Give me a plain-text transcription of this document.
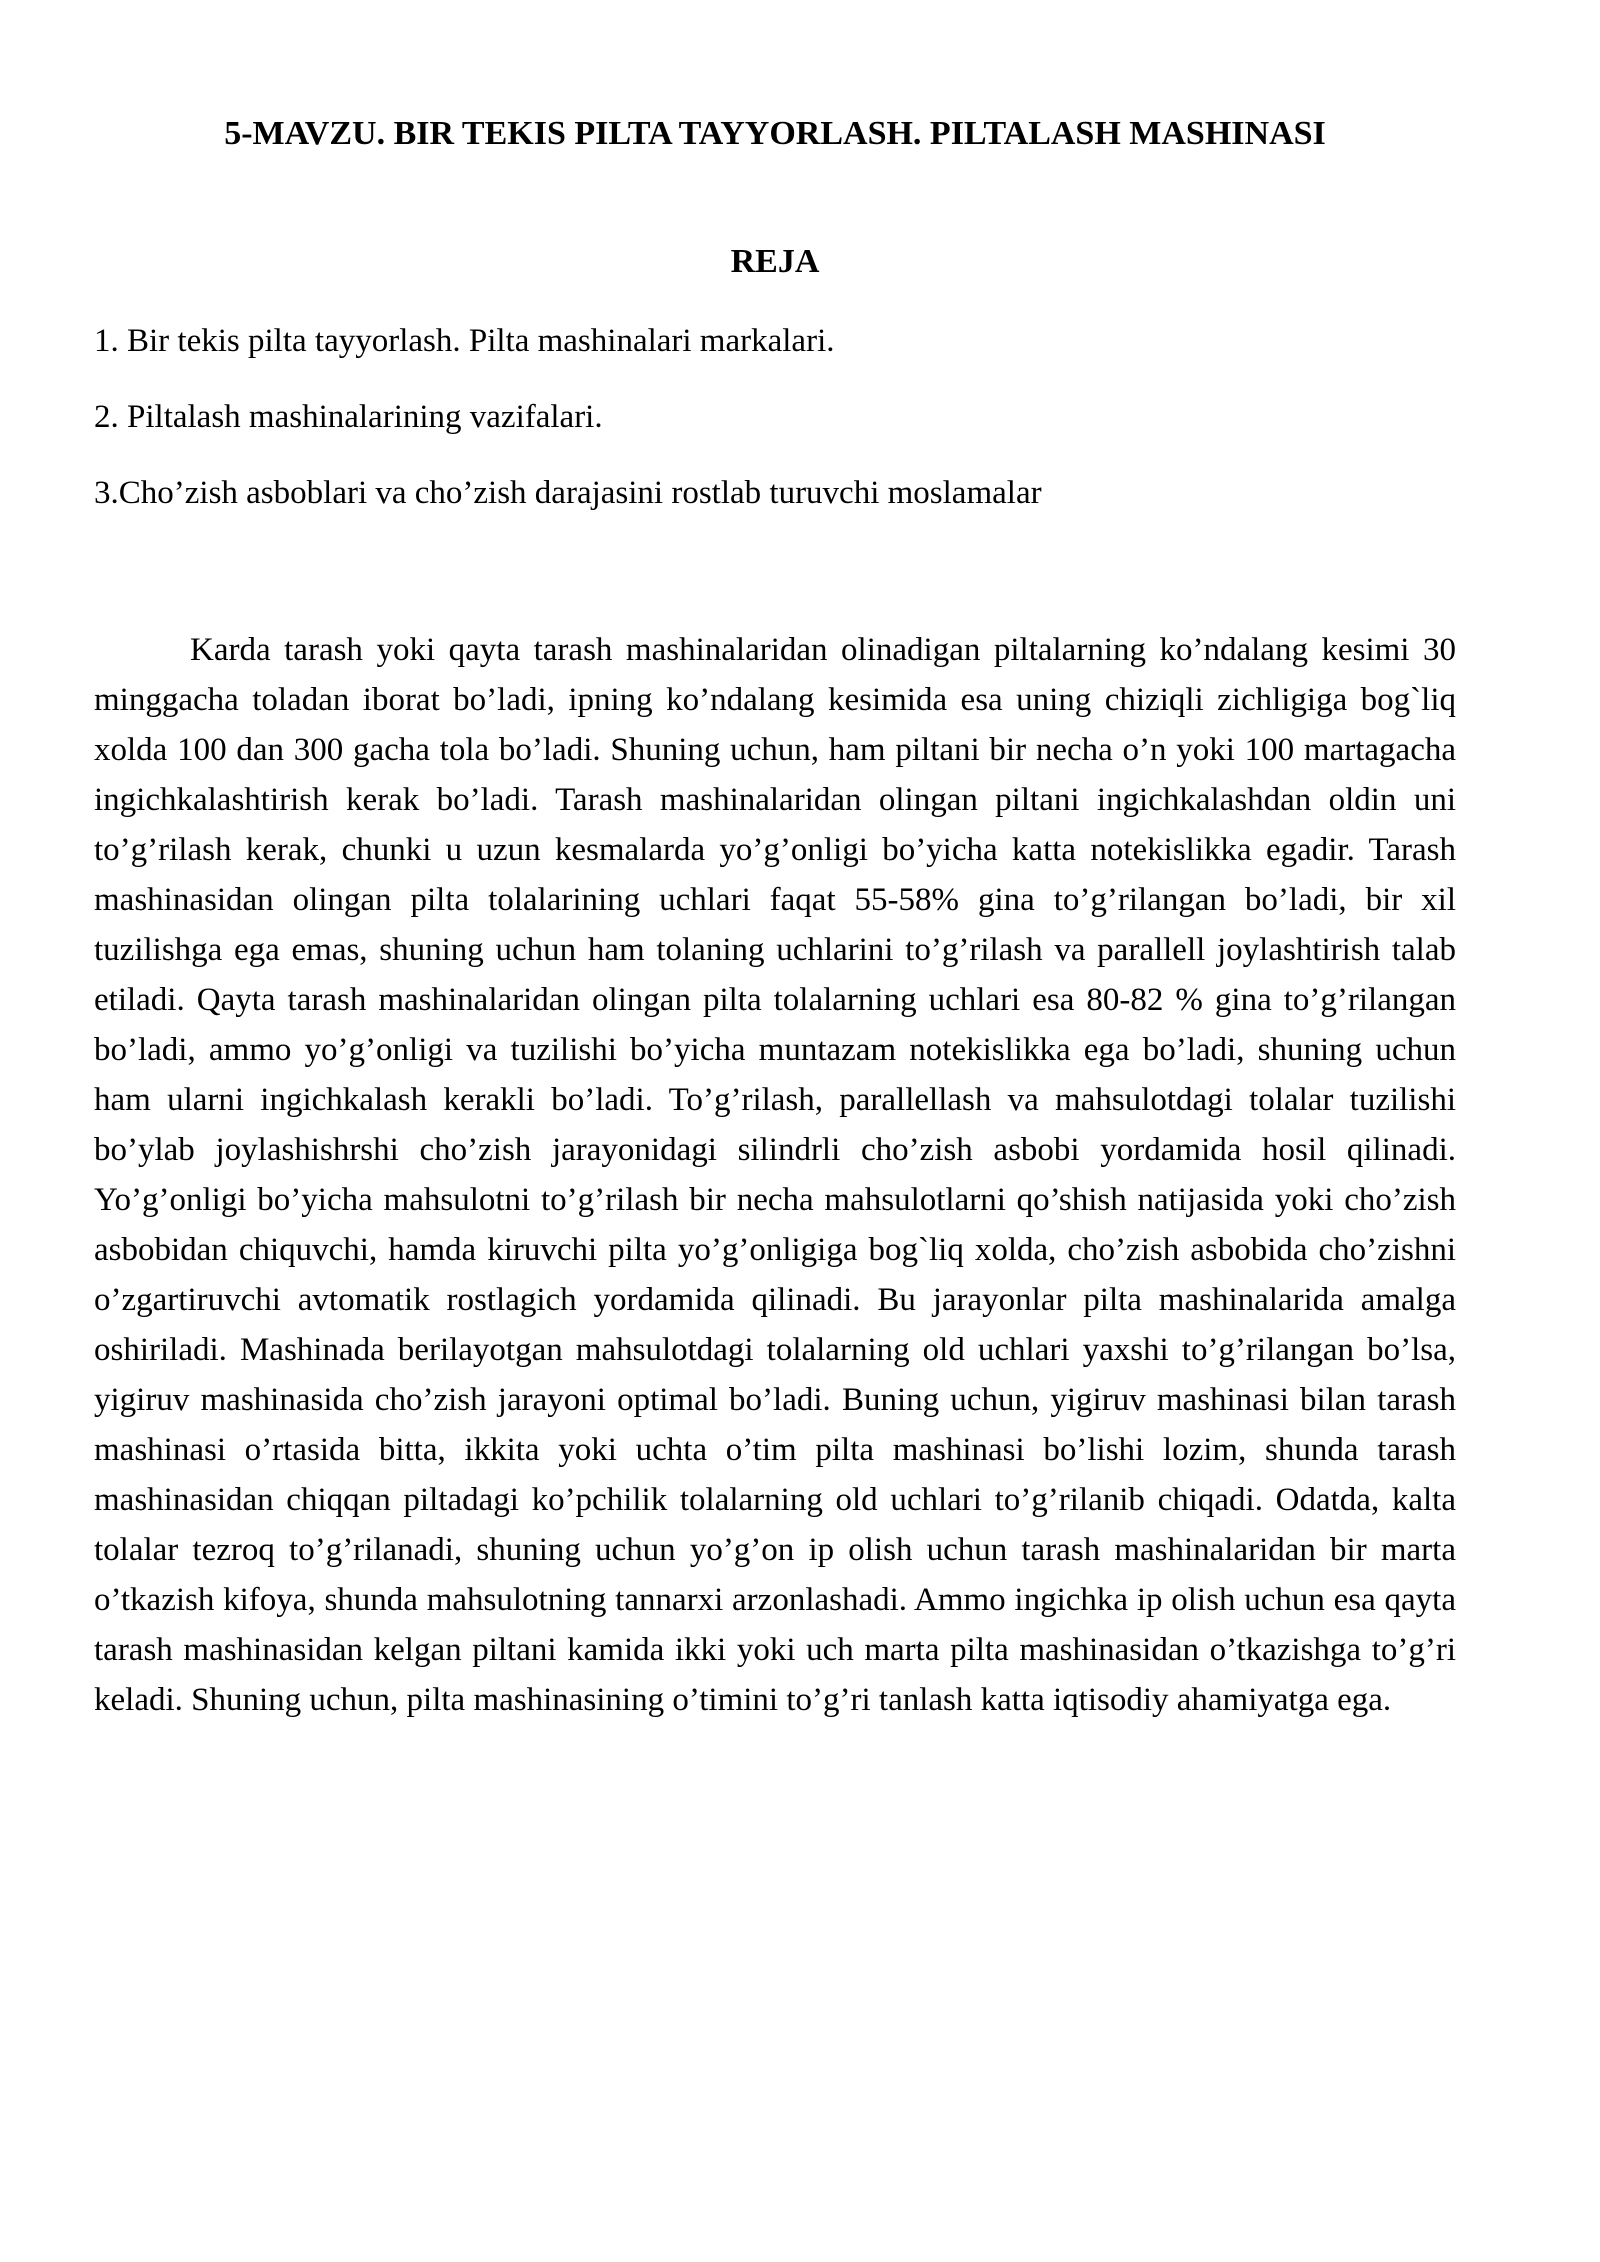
5-MAVZU. BIR TEKIS PILTA TAYYORLASH. PILTALASH MASHINASI
REJA
1. Bir tekis pilta tayyorlash. Pilta mashinalari markalari.
2. Piltalash mashinalarining vazifalari.
3.Cho’zish asboblari va cho’zish darajasini rostlab turuvchi moslamalar

Karda tarash yoki qayta tarash mashinalaridan olinadigan piltalarning ko’ndalang kesimi 30 minggacha toladan iborat bo’ladi, ipning ko’ndalang kesimida esa uning chiziqli zichligiga bog`liq xolda 100 dan 300 gacha tola bo’ladi. Shuning uchun, ham piltani bir necha o’n yoki 100 martagacha ingichkalashtirish kerak bo’ladi. Tarash mashinalaridan olingan piltani ingichkalashdan oldin uni to’g’rilash kerak, chunki u uzun kesmalarda yo’g’onligi bo’yicha katta notekislikka egadir. Tarash mashinasidan olingan pilta tolalarining uchlari faqat 55-58% gina to’g’rilangan bo’ladi, bir xil tuzilishga ega emas, shuning uchun ham tolaning uchlarini to’g’rilash va parallell joylashtirish talab etiladi. Qayta tarash mashinalaridan olingan pilta tolalarning uchlari esa 80-82 % gina to’g’rilangan bo’ladi, ammo yo’g’onligi va tuzilishi bo’yicha muntazam notekislikka ega bo’ladi, shuning uchun ham ularni ingichkalash kerakli bo’ladi. To’g’rilash, parallellash va mahsulotdagi tolalar tuzilishi bo’ylab joylashishrshi cho’zish jarayonidagi silindrli cho’zish asbobi yordamida hosil qilinadi. Yo’g’onligi bo’yicha mahsulotni to’g’rilash bir necha mahsulotlarni qo’shish natijasida yoki cho’zish asbobidan chiquvchi, hamda kiruvchi pilta yo’g’onligiga bog`liq xolda, cho’zish asbobida cho’zishni o’zgartiruvchi avtomatik rostlagich yordamida qilinadi. Bu jarayonlar pilta mashinalarida amalga oshiriladi. Mashinada berilayotgan mahsulotdagi tolalarning old uchlari yaxshi to’g’rilangan bo’lsa, yigiruv mashinasida cho’zish jarayoni optimal bo’ladi. Buning uchun, yigiruv mashinasi bilan tarash mashinasi o’rtasida bitta, ikkita yoki uchta o’tim pilta mashinasi bo’lishi lozim, shunda tarash mashinasidan chiqqan piltadagi ko’pchilik tolalarning old uchlari to’g’rilanib chiqadi. Odatda, kalta tolalar tezroq to’g’rilanadi, shuning uchun yo’g’on ip olish uchun tarash mashinalaridan bir marta o’tkazish kifoya, shunda mahsulotning tannarxi arzonlashadi. Ammo ingichka ip olish uchun esa qayta tarash mashinasidan kelgan piltani kamida ikki yoki uch marta pilta mashinasidan o’tkazishga to’g’ri keladi. Shuning uchun, pilta mashinasining o’timini to’g’ri tanlash katta iqtisodiy ahamiyatga ega.
